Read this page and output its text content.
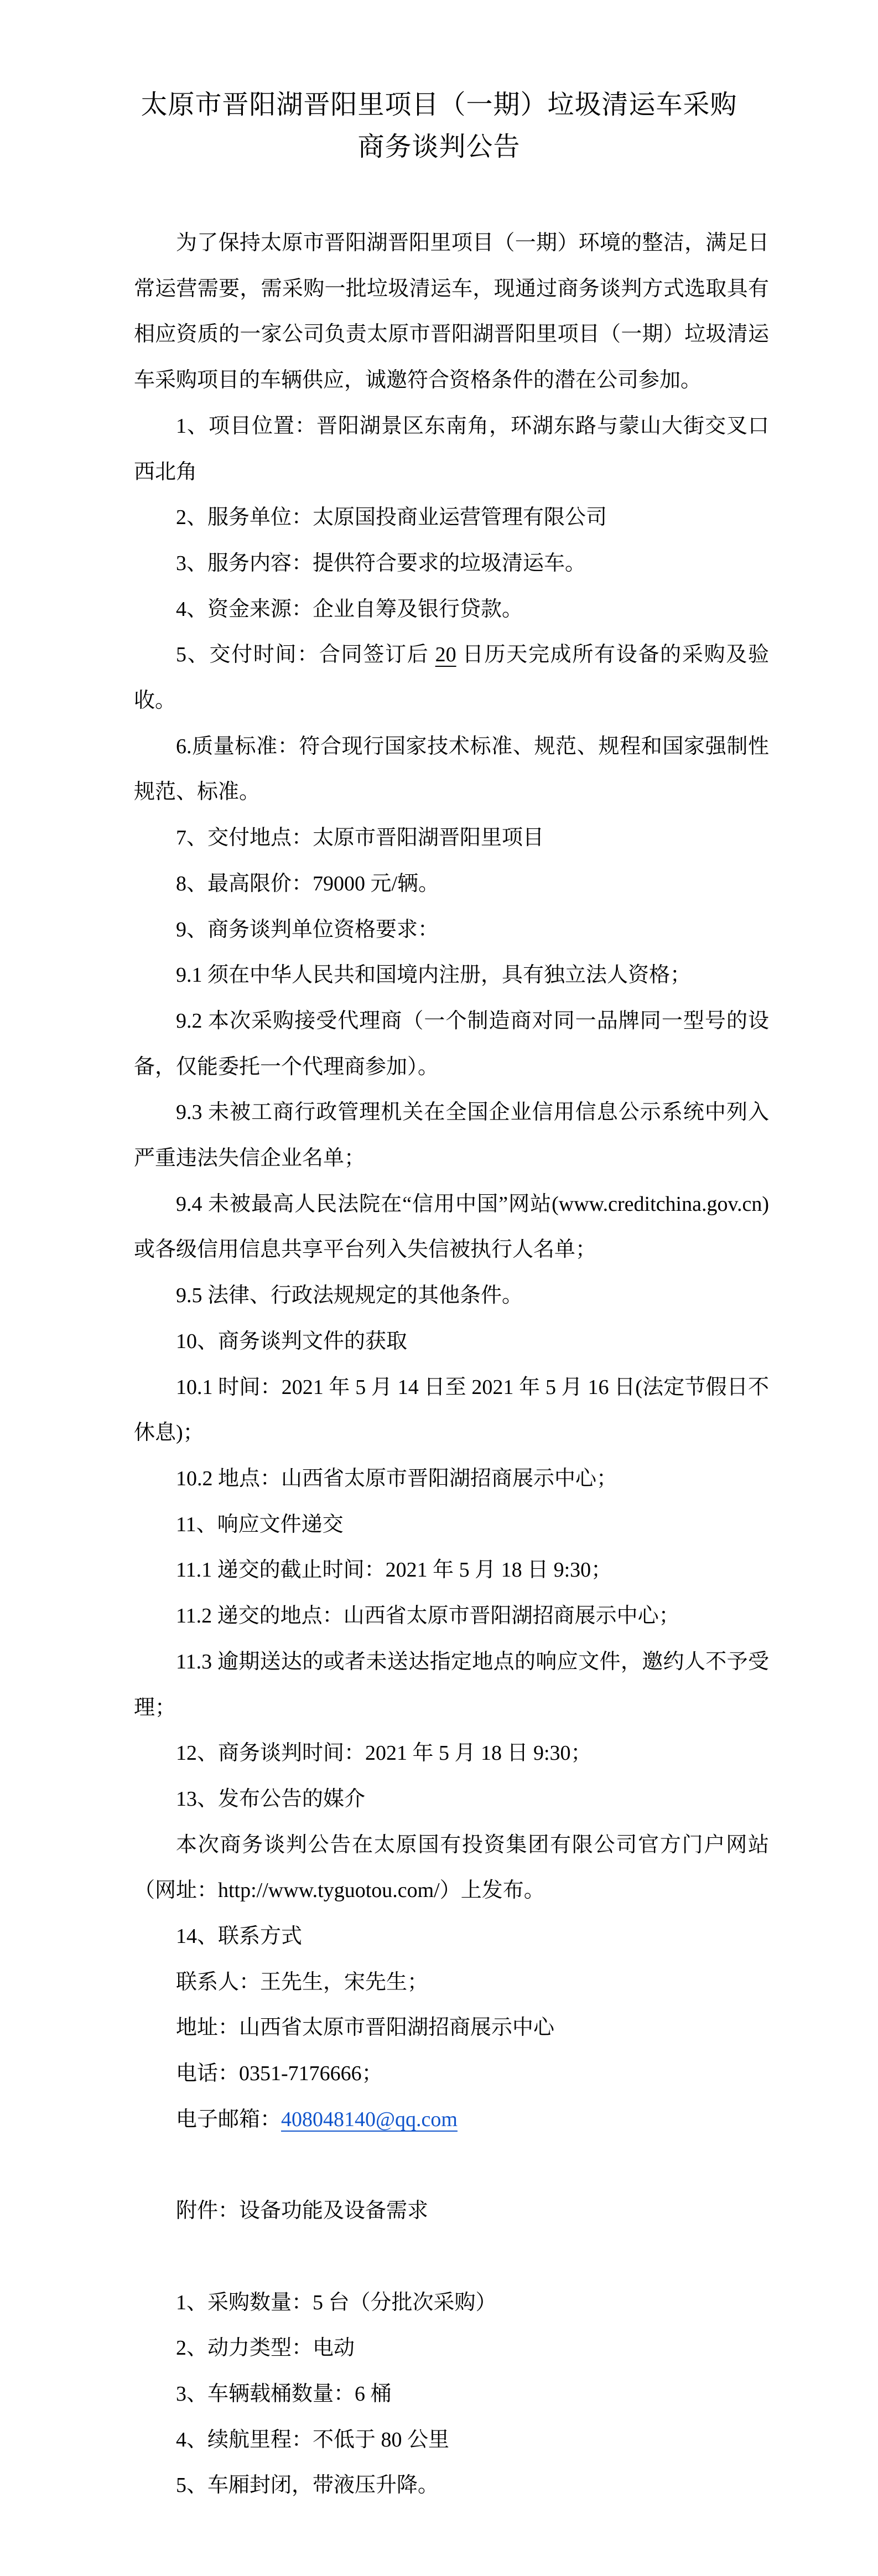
太原市晋阳湖晋阳里项目（一期）垃圾清运车采购
商务谈判公告

为了保持太原市晋阳湖晋阳里项目（一期）环境的整洁，满足日常运营需要，需采购一批垃圾清运车，现通过商务谈判方式选取具有相应资质的一家公司负责太原市晋阳湖晋阳里项目（一期）垃圾清运车采购项目的车辆供应，诚邀符合资格条件的潜在公司参加。

1、项目位置：晋阳湖景区东南角，环湖东路与蒙山大街交叉口西北角

2、服务单位：太原国投商业运营管理有限公司

3、服务内容：提供符合要求的垃圾清运车。

4、资金来源：企业自筹及银行贷款。

5、交付时间：合同签订后 20 日历天完成所有设备的采购及验收。

6.质量标准：符合现行国家技术标准、规范、规程和国家强制性规范、标准。

7、交付地点：太原市晋阳湖晋阳里项目

8、最高限价：79000 元/辆。

9、商务谈判单位资格要求：

9.1 须在中华人民共和国境内注册，具有独立法人资格；

9.2 本次采购接受代理商（一个制造商对同一品牌同一型号的设备，仅能委托一个代理商参加）。

9.3 未被工商行政管理机关在全国企业信用信息公示系统中列入严重违法失信企业名单；

9.4 未被最高人民法院在“信用中国”网站(www.creditchina.gov.cn)或各级信用信息共享平台列入失信被执行人名单；

9.5 法律、行政法规规定的其他条件。

10、商务谈判文件的获取

10.1 时间：2021 年 5 月 14 日至 2021 年 5 月 16 日(法定节假日不休息)；

10.2 地点：山西省太原市晋阳湖招商展示中心；

11、响应文件递交

11.1 递交的截止时间：2021 年 5 月 18 日 9:30；

11.2 递交的地点：山西省太原市晋阳湖招商展示中心；

11.3 逾期送达的或者未送达指定地点的响应文件，邀约人不予受理；

12、商务谈判时间：2021 年 5 月 18 日 9:30；

13、发布公告的媒介

本次商务谈判公告在太原国有投资集团有限公司官方门户网站（网址：http://www.tyguotou.com/）上发布。

14、联系方式

联系人：王先生，宋先生；

地址：山西省太原市晋阳湖招商展示中心

电话：0351-7176666；

电子邮箱：408048140@qq.com

附件：设备功能及设备需求

1、采购数量：5 台（分批次采购）

2、动力类型：电动

3、车辆载桶数量：6 桶

4、续航里程：不低于 80 公里

5、车厢封闭，带液压升降。
